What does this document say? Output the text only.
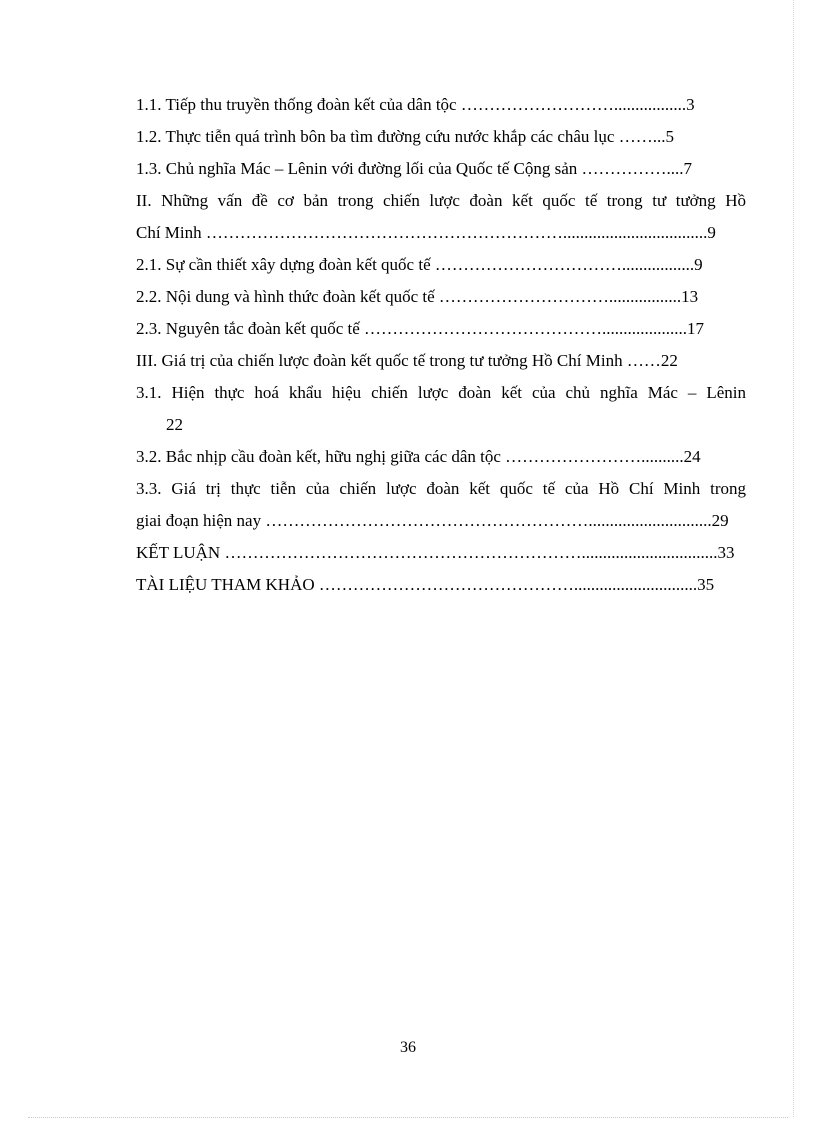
1.1. Tiếp thu truyền thống đoàn kết của dân tộc ……………………….................3
1.2. Thực tiễn quá trình bôn ba tìm đường cứu nước khắp các châu lục ……...5
1.3. Chủ nghĩa Mác – Lênin với đường lối của Quốc tế Cộng sản ……………....7
II. Những vấn đề cơ bản trong chiến lược đoàn kết quốc tế trong tư tưởng Hồ
Chí Minh ………………………………………………………..................................9
2.1. Sự cần thiết xây dựng đoàn kết quốc tế …………………………….................9
2.2. Nội dung và hình thức đoàn kết quốc tế ………………………….................13
2.3. Nguyên tắc đoàn kết quốc tế ……………………………………....................17
III. Giá trị của chiến lược đoàn kết quốc tế trong tư tưởng Hồ Chí Minh ……22
3.1. Hiện thực hoá khẩu hiệu chiến lược đoàn kết của chủ nghĩa Mác – Lênin
22
3.2. Bắc nhịp cầu đoàn kết, hữu nghị giữa các dân tộc ……………………..........24
3.3. Giá trị thực tiễn của chiến lược đoàn kết quốc tế của Hồ Chí Minh trong
giai đoạn hiện nay ………………………………………………….............................29
KẾT LUẬN ………………………………………………………................................33
TÀI LIỆU THAM KHẢO ……………………………………….............................35
36
